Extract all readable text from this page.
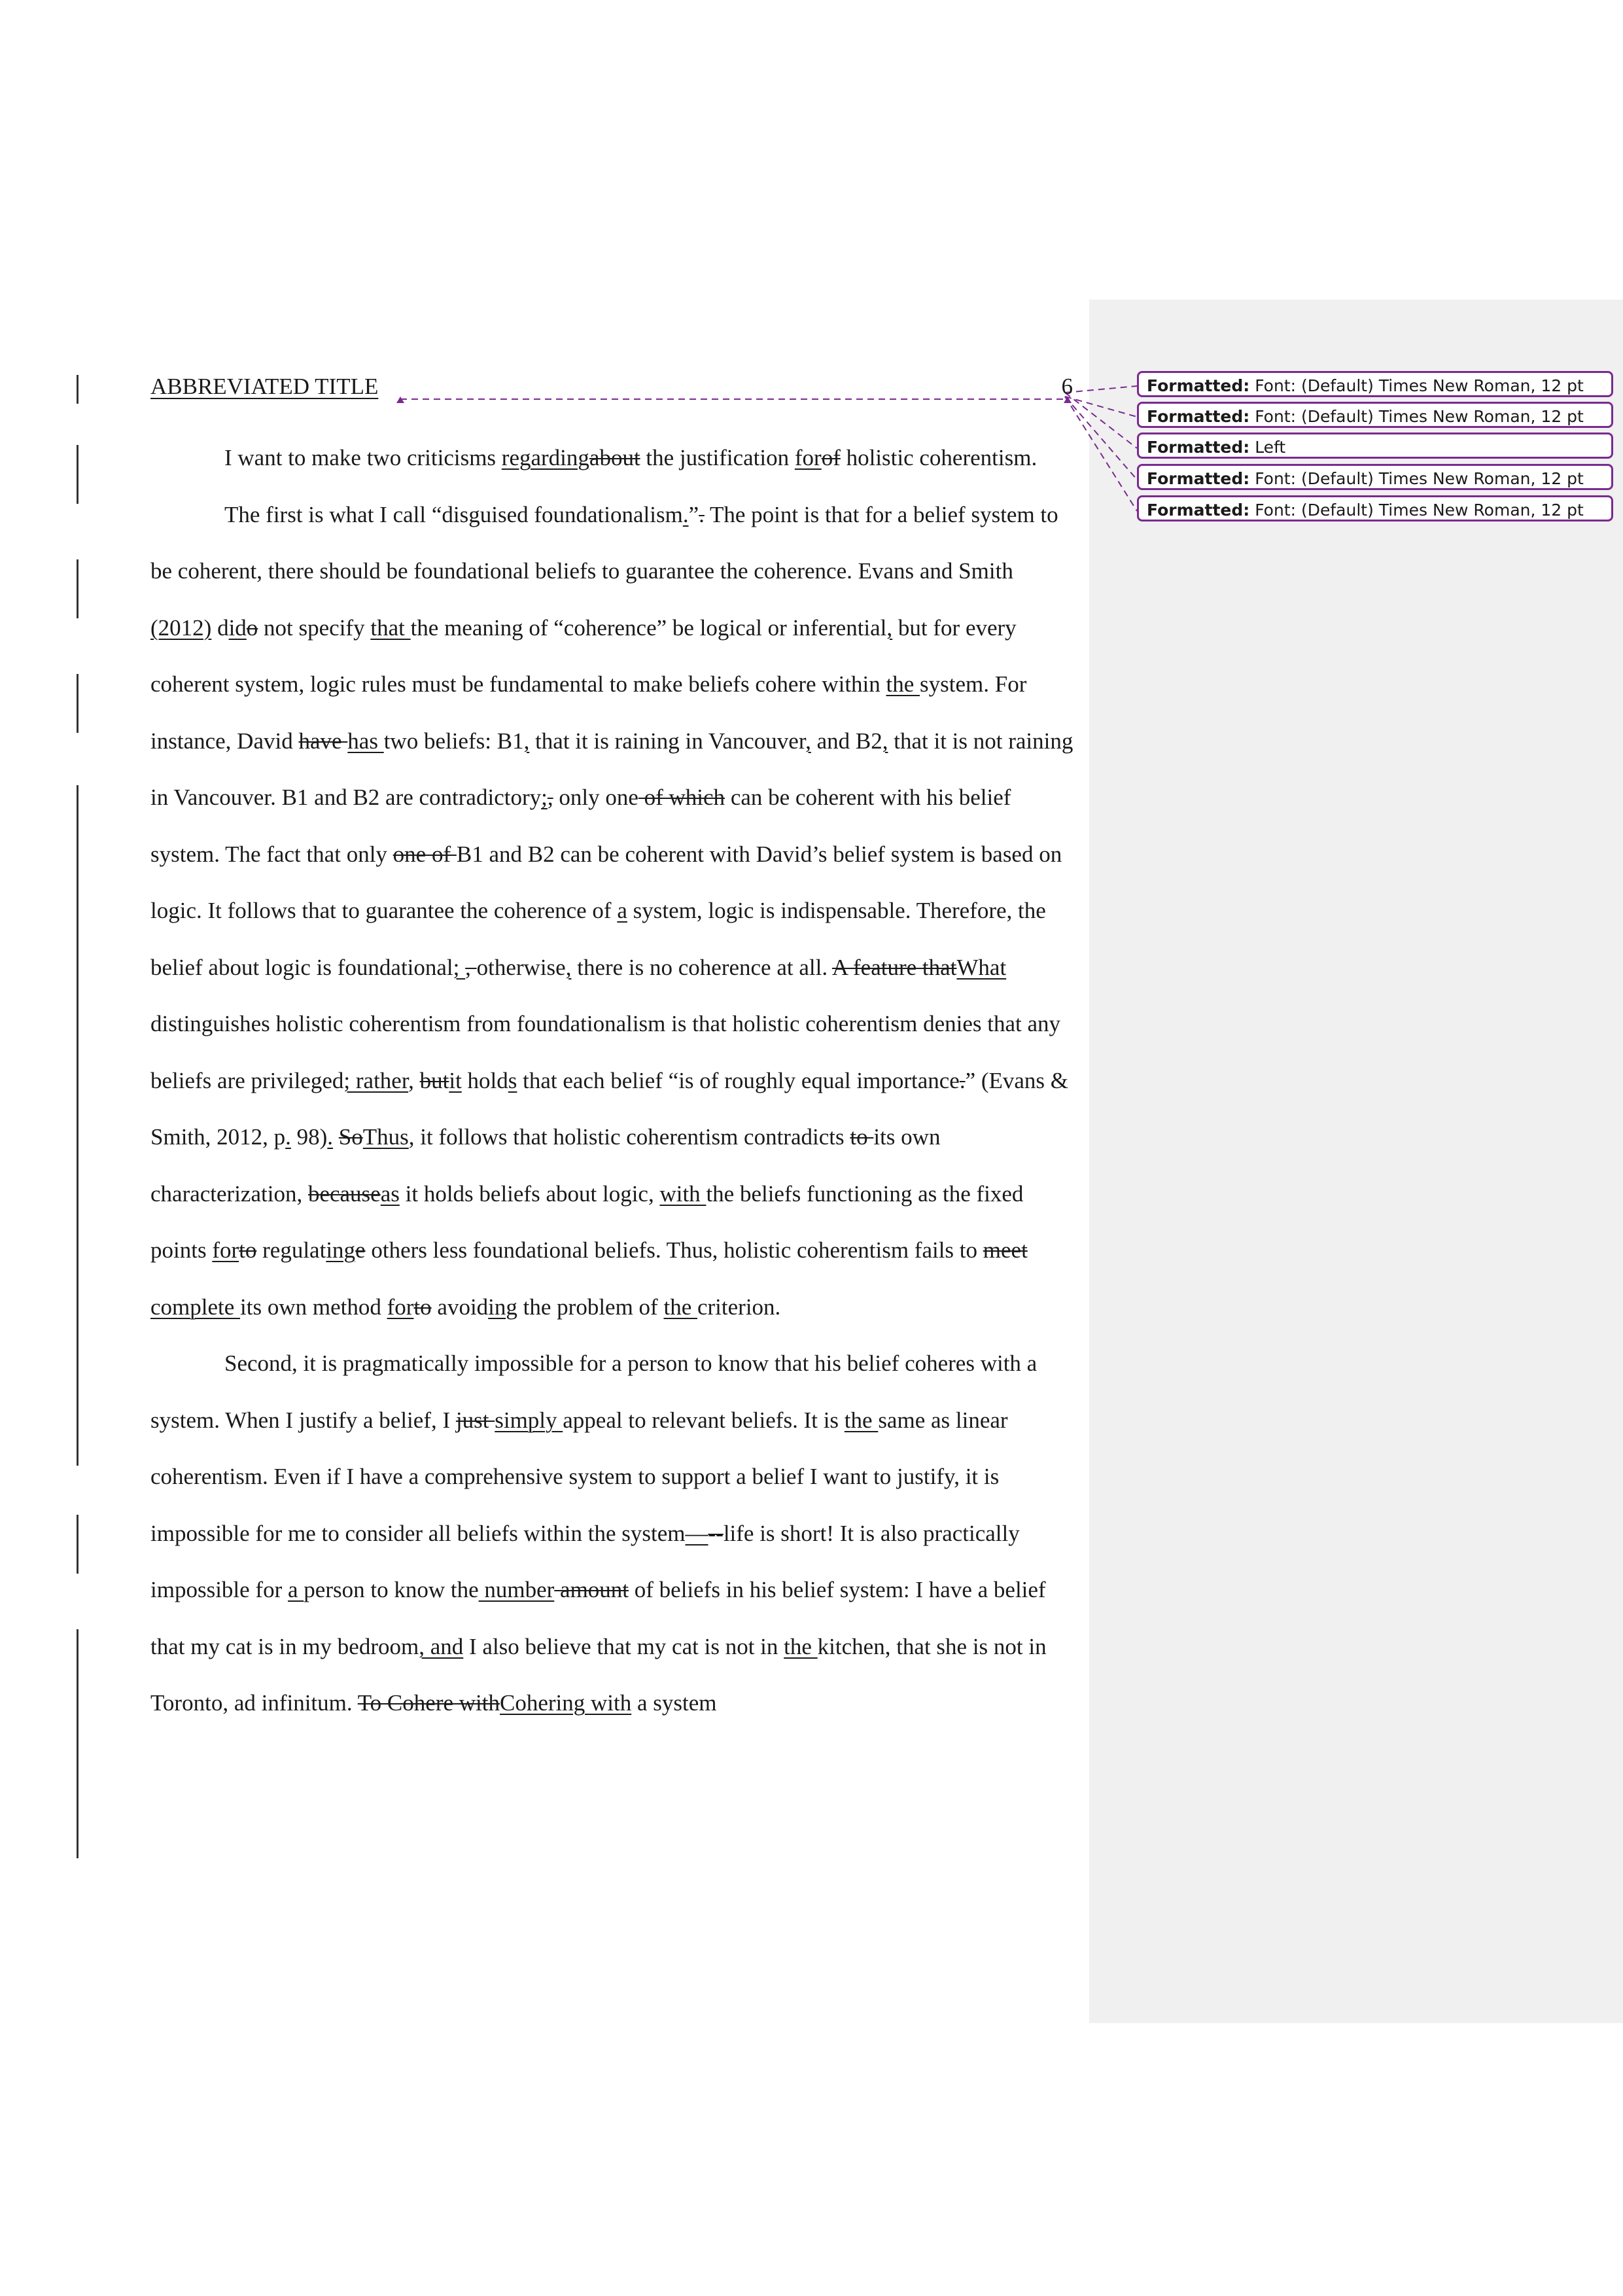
ABBREVIATED TITLE	6

I want to make two criticisms regardingabout the justification forof holistic coherentism.

The first is what I call “disguised foundationalism.”. The point is that for a belief system to be coherent, there should be foundational beliefs to guarantee the coherence. Evans and Smith (2012) dido not specify that the meaning of “coherence” be logical or inferential, but for every coherent system, logic rules must be fundamental to make beliefs cohere within the system. For instance, David have has two beliefs: B1, that it is raining in Vancouver, and B2, that it is not raining in Vancouver. B1 and B2 are contradictory;, only one of which can be coherent with his belief system. The fact that only one of B1 and B2 can be coherent with David’s belief system is based on logic. It follows that to guarantee the coherence of a system, logic is indispensable. Therefore, the belief about logic is foundational; , otherwise, there is no coherence at all. A feature thatWhat distinguishes holistic coherentism from foundationalism is that holistic coherentism denies that any beliefs are privileged; rather, butit holds that each belief “is of roughly equal importance.” (Evans & Smith, 2012, p. 98). SoThus, it follows that holistic coherentism contradicts to its own characterization, becauseas it holds beliefs about logic, with the beliefs functioning as the fixed points forto regulatinge others less foundational beliefs. Thus, holistic coherentism fails to meet complete its own method forto avoiding the problem of the criterion.

Second, it is pragmatically impossible for a person to know that his belief coheres with a system. When I justify a belief, I just simply appeal to relevant beliefs. It is the same as linear coherentism. Even if I have a comprehensive system to support a belief I want to justify, it is impossible for me to consider all beliefs within the system—--life is short! It is also practically impossible for a person to know the number amount of beliefs in his belief system: I have a belief that my cat is in my bedroom, and I also believe that my cat is not in the kitchen, that she is not in Toronto, ad infinitum. To Cohere withCohering with a system

Formatted: Font: (Default) Times New Roman, 12 pt
Formatted: Font: (Default) Times New Roman, 12 pt
Formatted: Left
Formatted: Font: (Default) Times New Roman, 12 pt
Formatted: Font: (Default) Times New Roman, 12 pt
